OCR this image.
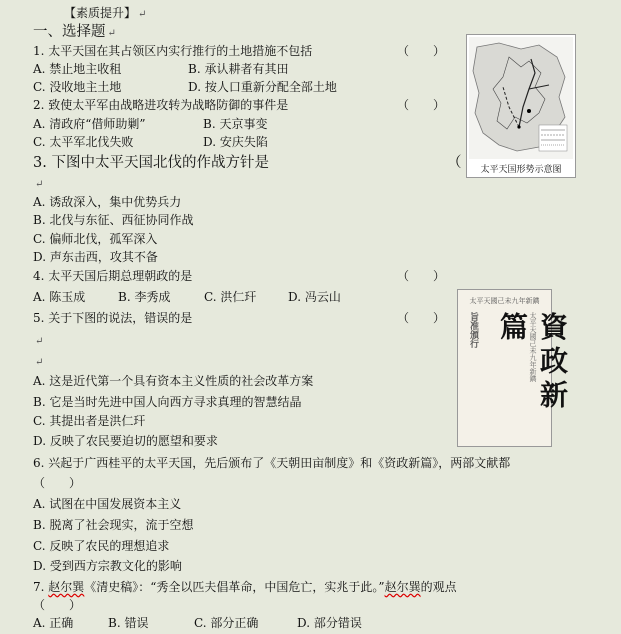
【素质提升】 ↵
一、选择题 ↵
1. 太平天国在其占领区内实行推行的土地措施不包括	（　　）
A. 禁止地主收租	B. 承认耕者有其田
C. 没收地主土地	D. 按人口重新分配全部土地
2. 致使太平军由战略进攻转为战略防御的事件是	（　　）
A. 清政府“借师助剿”	B. 天京事变
C. 太平军北伐失败	D. 安庆失陷
3. 下图中太平天国北伐的作战方针是	（
↵
A. 诱敌深入，集中优势兵力
B. 北伐与东征、西征协同作战
C. 偏师北伐，孤军深入
D. 声东击西，攻其不备
4. 太平天国后期总理朝政的是	（　　）
A. 陈玉成	B. 李秀成	C. 洪仁玕	D. 冯云山
5. 关于下图的说法，错误的是	（　　）
↵
↵
A. 这是近代第一个具有资本主义性质的社会改革方案
B. 它是当时先进中国人向西方寻求真理的智慧结晶
C. 其提出者是洪仁玕
D. 反映了农民要迫切的愿望和要求
6. 兴起于广西桂平的太平天国，先后颁布了《天朝田亩制度》和《资政新篇》，两部文献都
（　　）
A. 试图在中国发展资本主义
B. 脱离了社会现实，流于空想
C. 反映了农民的理想追求
D. 受到西方宗教文化的影响
7. 赵尔巽《清史稿》：“秀全以匹夫倡革命，中国危亡，实兆于此。”赵尔巽的观点
（　　）
A. 正确	B. 错误	C. 部分正确	D. 部分错误
太平天国形势示意图
太平天國己未九年新鐫
旨准頒行	資政新篇 太平天國己未九年新鐫
